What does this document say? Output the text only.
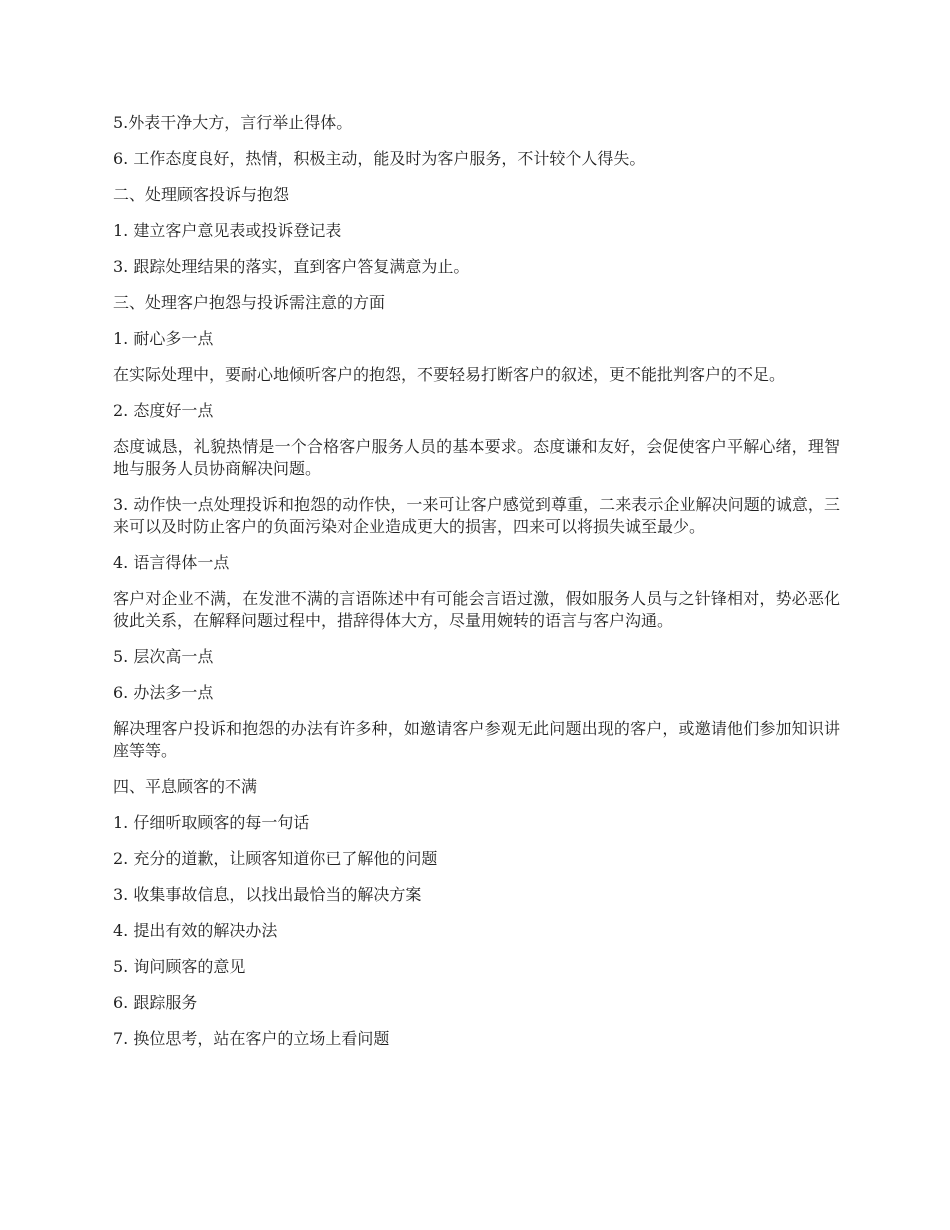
5.外表干净大方，言行举止得体。

6. 工作态度良好，热情，积极主动，能及时为客户服务，不计较个人得失。

二、处理顾客投诉与抱怨

1. 建立客户意见表或投诉登记表

3. 跟踪处理结果的落实，直到客户答复满意为止。

三、处理客户抱怨与投诉需注意的方面

1. 耐心多一点

在实际处理中，要耐心地倾听客户的抱怨，不要轻易打断客户的叙述，更不能批判客户的不足。

2. 态度好一点

态度诚恳，礼貌热情是一个合格客户服务人员的基本要求。态度谦和友好，会促使客户平解心绪，理智地与服务人员协商解决问题。

3. 动作快一点处理投诉和抱怨的动作快，一来可让客户感觉到尊重，二来表示企业解决问题的诚意，三来可以及时防止客户的负面污染对企业造成更大的损害，四来可以将损失诚至最少。

4. 语言得体一点

客户对企业不满，在发泄不满的言语陈述中有可能会言语过激，假如服务人员与之针锋相对，势必恶化彼此关系，在解释问题过程中，措辞得体大方，尽量用婉转的语言与客户沟通。

5. 层次高一点

6. 办法多一点

解决理客户投诉和抱怨的办法有许多种，如邀请客户参观无此问题出现的客户，或邀请他们参加知识讲座等等。

四、平息顾客的不满

1. 仔细听取顾客的每一句话

2. 充分的道歉，让顾客知道你已了解他的问题

3. 收集事故信息，以找出最恰当的解决方案

4. 提出有效的解决办法

5. 询问顾客的意见

6. 跟踪服务

7. 换位思考，站在客户的立场上看问题
